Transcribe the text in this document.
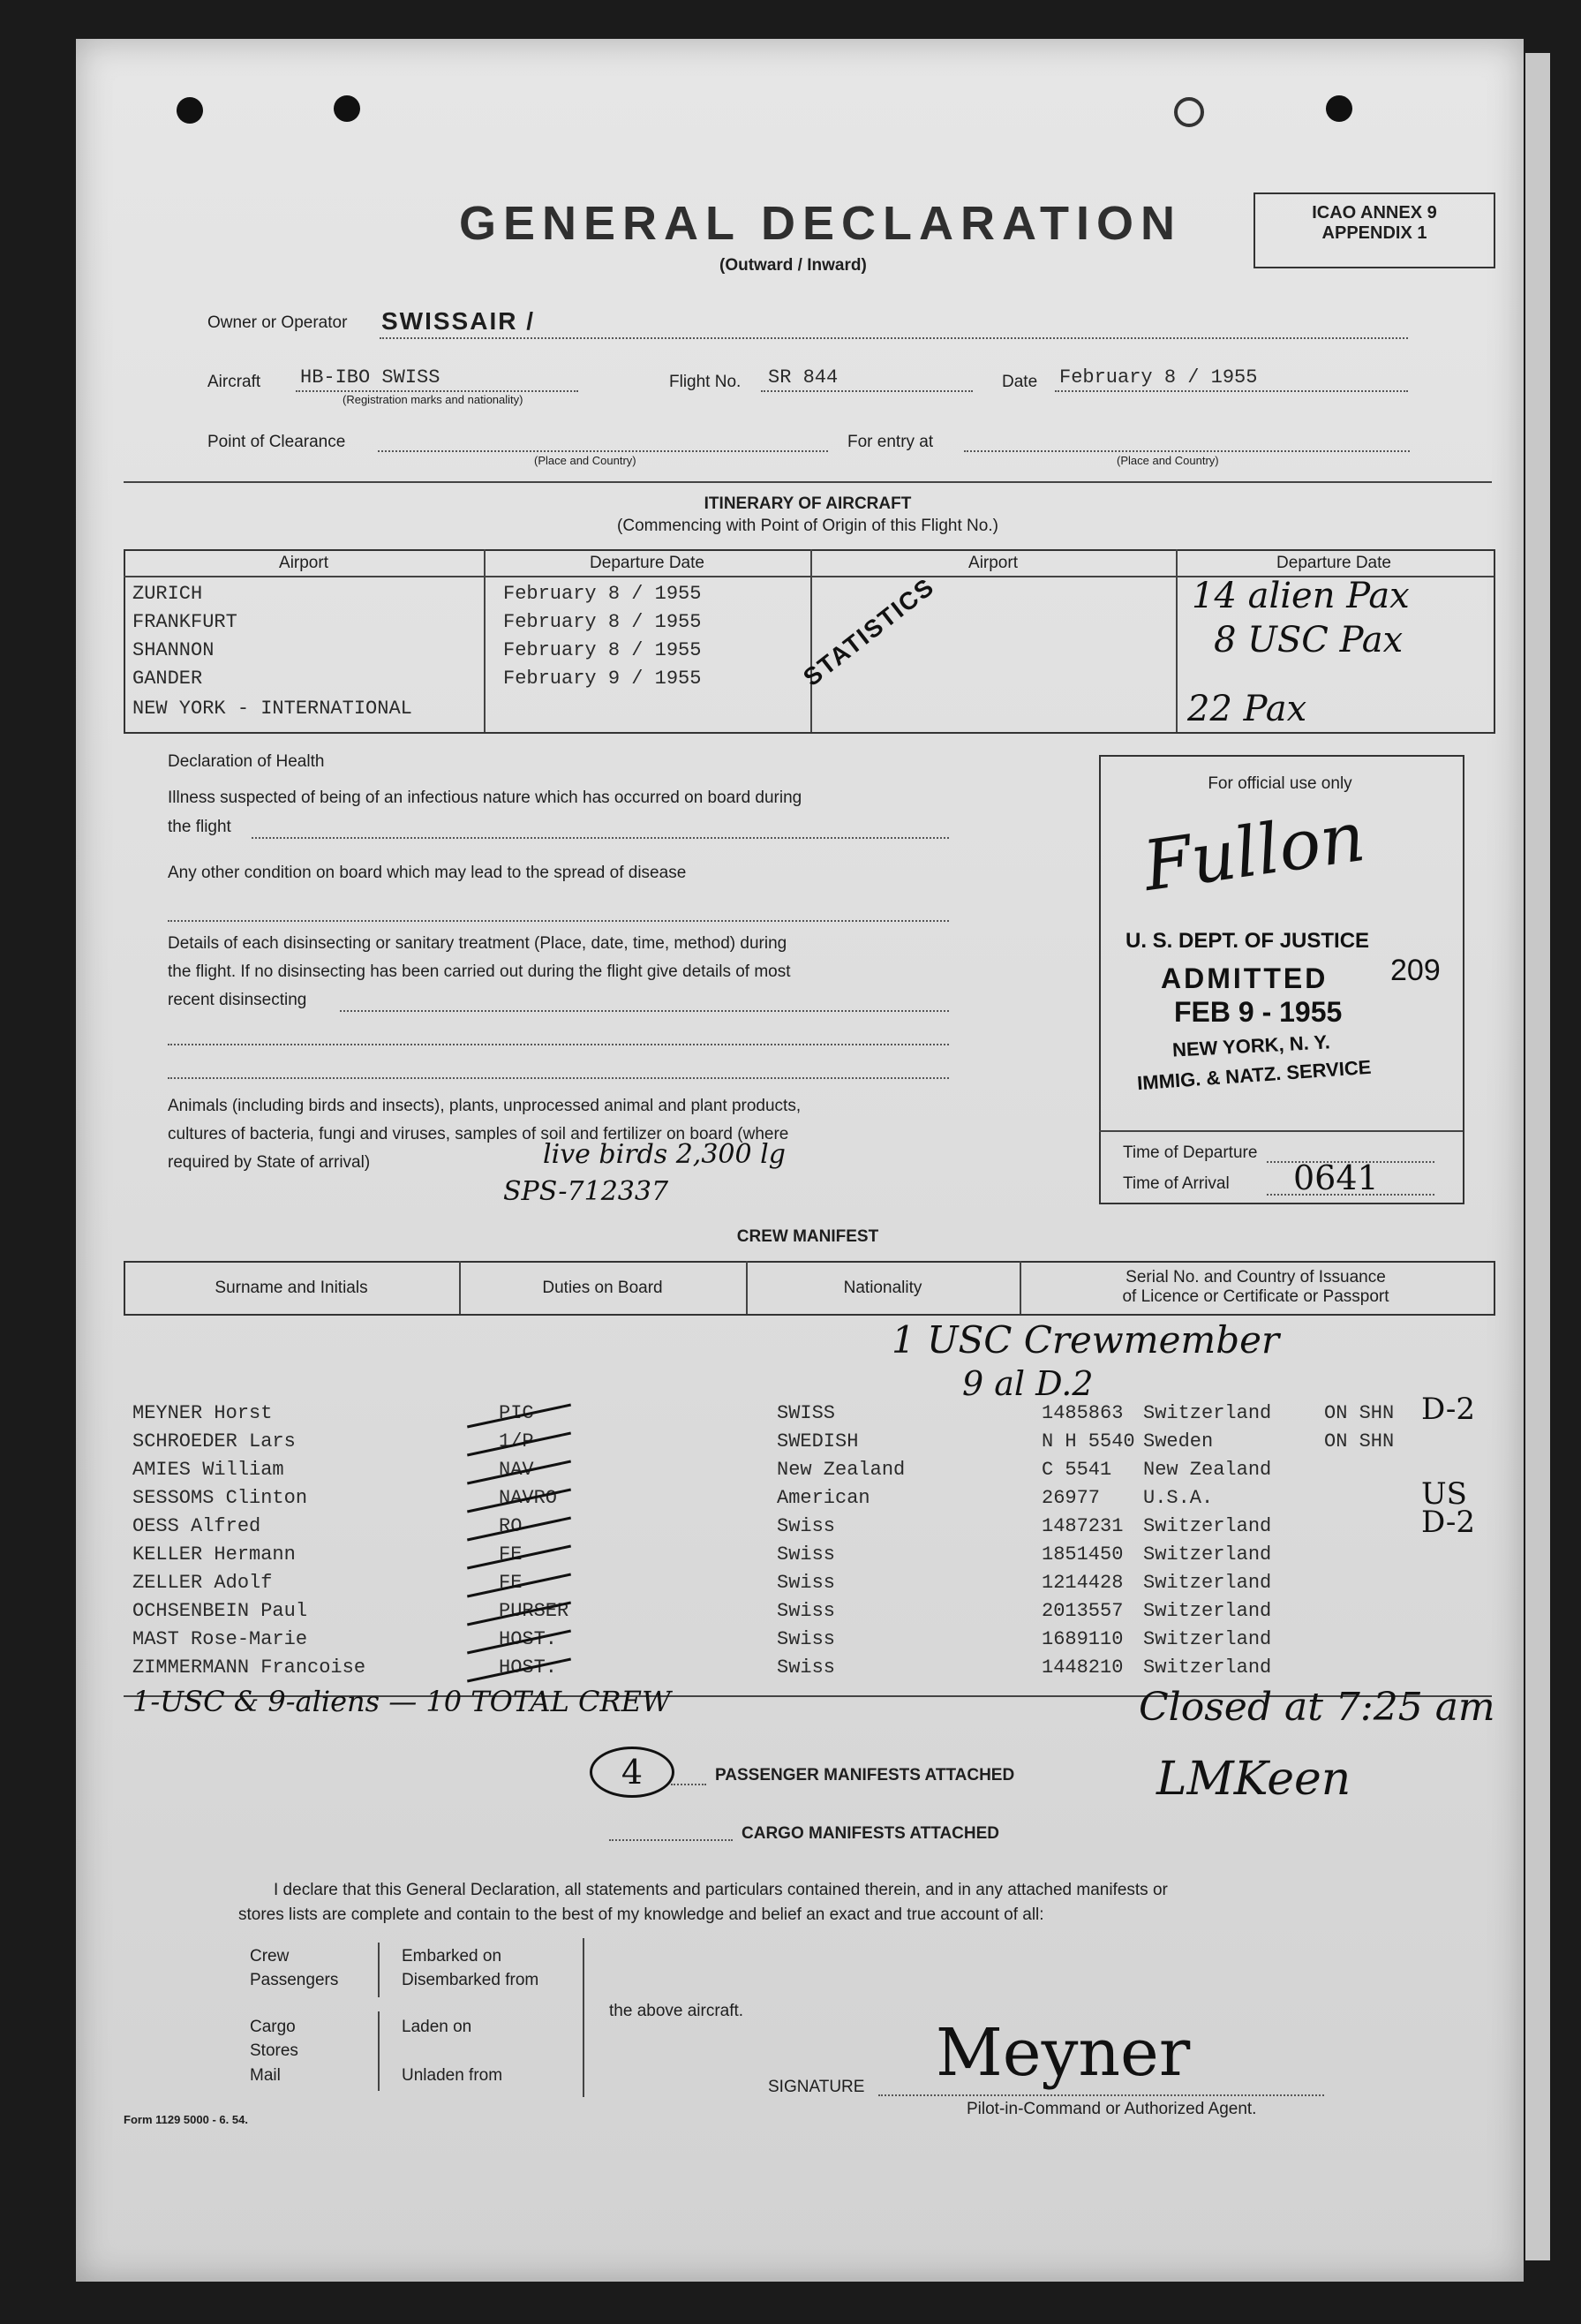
GENERAL DECLARATION
(Outward / Inward)
ICAO ANNEX 9
APPENDIX 1
Owner or Operator SWISSAIR /
Aircraft HB-IBO SWISS
(Registration marks and nationality)
Flight No. SR 844	Date February 8 / 1955
Point of Clearance
(Place and Country)
For entry at
(Place and Country)
ITINERARY OF AIRCRAFT
(Commencing with Point of Origin of this Flight No.)
Airport	Departure Date	Airport	Departure Date
ZURICH	February 8 / 1955
FRANKFURT	February 8 / 1955
SHANNON	February 8 / 1955
GANDER	February 9 / 1955
NEW YORK - INTERNATIONAL
STATISTICS	14 alien Pax
8 USC Pax
22 Pax
Declaration of Health
Illness suspected of being of an infectious nature which has occurred on board during
the flight
Any other condition on board which may lead to the spread of disease
Details of each disinsecting or sanitary treatment (Place, date, time, method) during
the flight. If no disinsecting has been carried out during the flight give details of most
recent disinsecting
Animals (including birds and insects), plants, unprocessed animal and plant products,
cultures of bacteria, fungi and viruses, samples of soil and fertilizer on board (where
required by State of arrival)	live birds 2,300 lg
SPS-712337
For official use only
Fullon
U. S. DEPT. OF JUSTICE
ADMITTED 209
FEB 9 - 1955
NEW YORK, N. Y.
IMMIG. & NATZ. SERVICE
Time of Departure
Time of Arrival 0641
CREW MANIFEST
Surname and Initials	Duties on Board	Nationality
Serial No. and Country of Issuance
of Licence or Certificate or Passport
1 USC Crewmember
9 al D.2
MEYNER Horst	PIC	SWISS	1485863 Switzerland	ON SHN D-2
SCHROEDER Lars	1/P	SWEDISH	N H 5540 Sweden	ON SHN
AMIES William	NAV	New Zealand	C 5541 New Zealand
SESSOMS Clinton	NAVRO	American	26977 U.S.A.	US
OESS Alfred	RO	Swiss	1487231 Switzerland	D-2
KELLER Hermann	FE	Swiss	1851450 Switzerland
ZELLER Adolf	FE	Swiss	1214428 Switzerland
OCHSENBEIN Paul	PURSER	Swiss	2013557 Switzerland
MAST Rose-Marie	HOST.	Swiss	1689110 Switzerland
ZIMMERMANN Francoise	HOST.	Swiss	1448210 Switzerland
1-USC & 9-aliens — 10 TOTAL CREW	Closed at 7:25 am
4	PASSENGER MANIFESTS ATTACHED	LMKeen
CARGO MANIFESTS ATTACHED
I declare that this General Declaration, all statements and particulars contained therein, and in any attached manifests or
stores lists are complete and contain to the best of my knowledge and belief an exact and true account of all:
Crew
Passengers
Cargo
Stores
Mail
Embarked on
Disembarked from
Laden on
Unladen from
the above aircraft.
SIGNATURE Meyner
Pilot-in-Command or Authorized Agent.
Form 1129 5000 - 6. 54.
